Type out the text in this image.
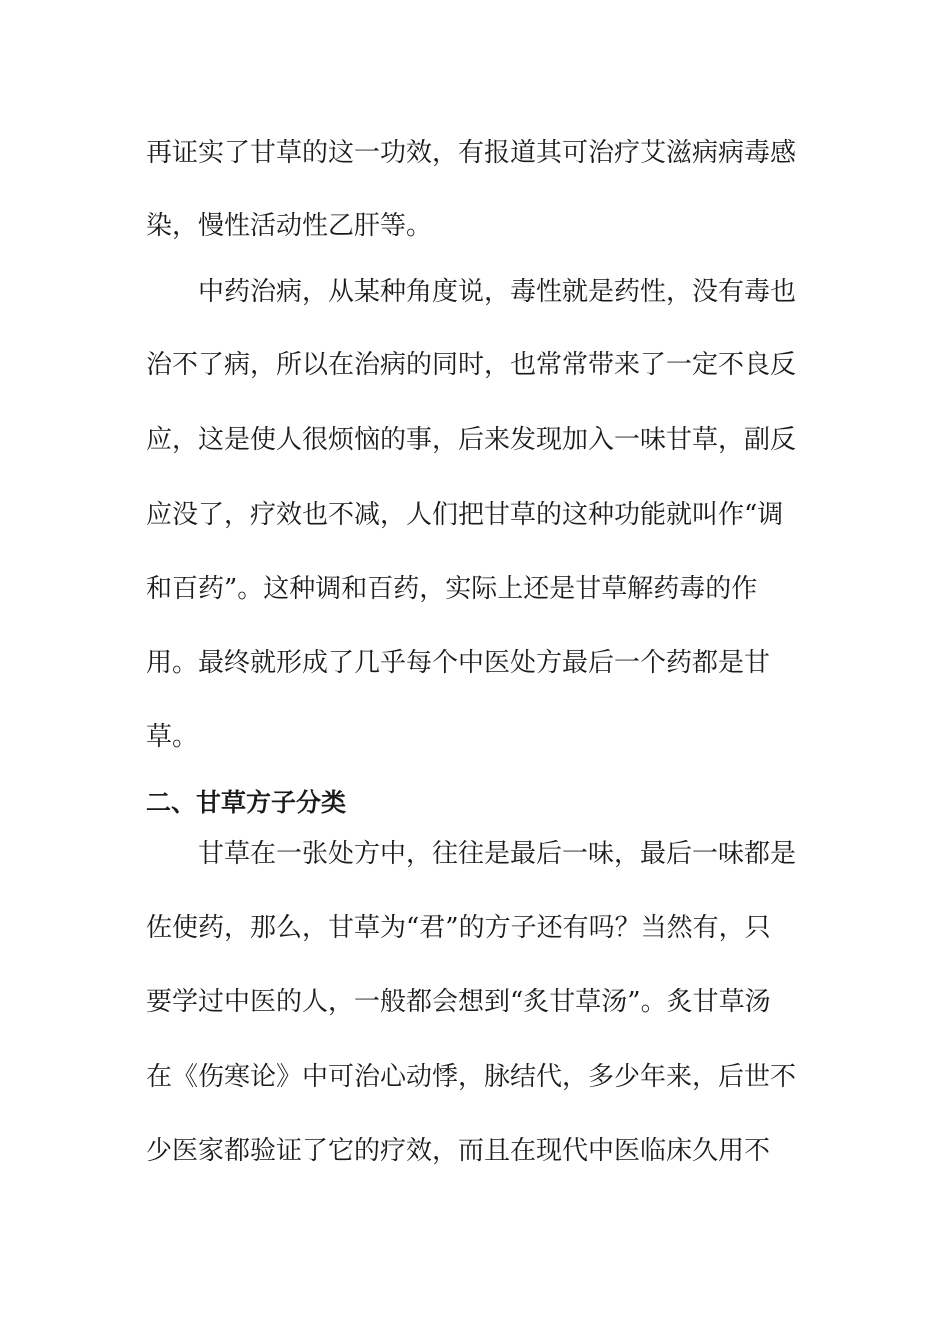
再证实了甘草的这一功效，有报道其可治疗艾滋病病毒感
染，慢性活动性乙肝等。
中药治病，从某种角度说，毒性就是药性，没有毒也
治不了病，所以在治病的同时，也常常带来了一定不良反
应，这是使人很烦恼的事，后来发现加入一味甘草，副反
应没了，疗效也不减，人们把甘草的这种功能就叫作“调
和百药”。这种调和百药，实际上还是甘草解药毒的作
用。最终就形成了几乎每个中医处方最后一个药都是甘
草。
二、甘草方子分类
甘草在一张处方中，往往是最后一味，最后一味都是
佐使药，那么，甘草为“君”的方子还有吗？当然有，只
要学过中医的人，一般都会想到“炙甘草汤”。炙甘草汤
在《伤寒论》中可治心动悸，脉结代，多少年来，后世不
少医家都验证了它的疗效，而且在现代中医临床久用不
